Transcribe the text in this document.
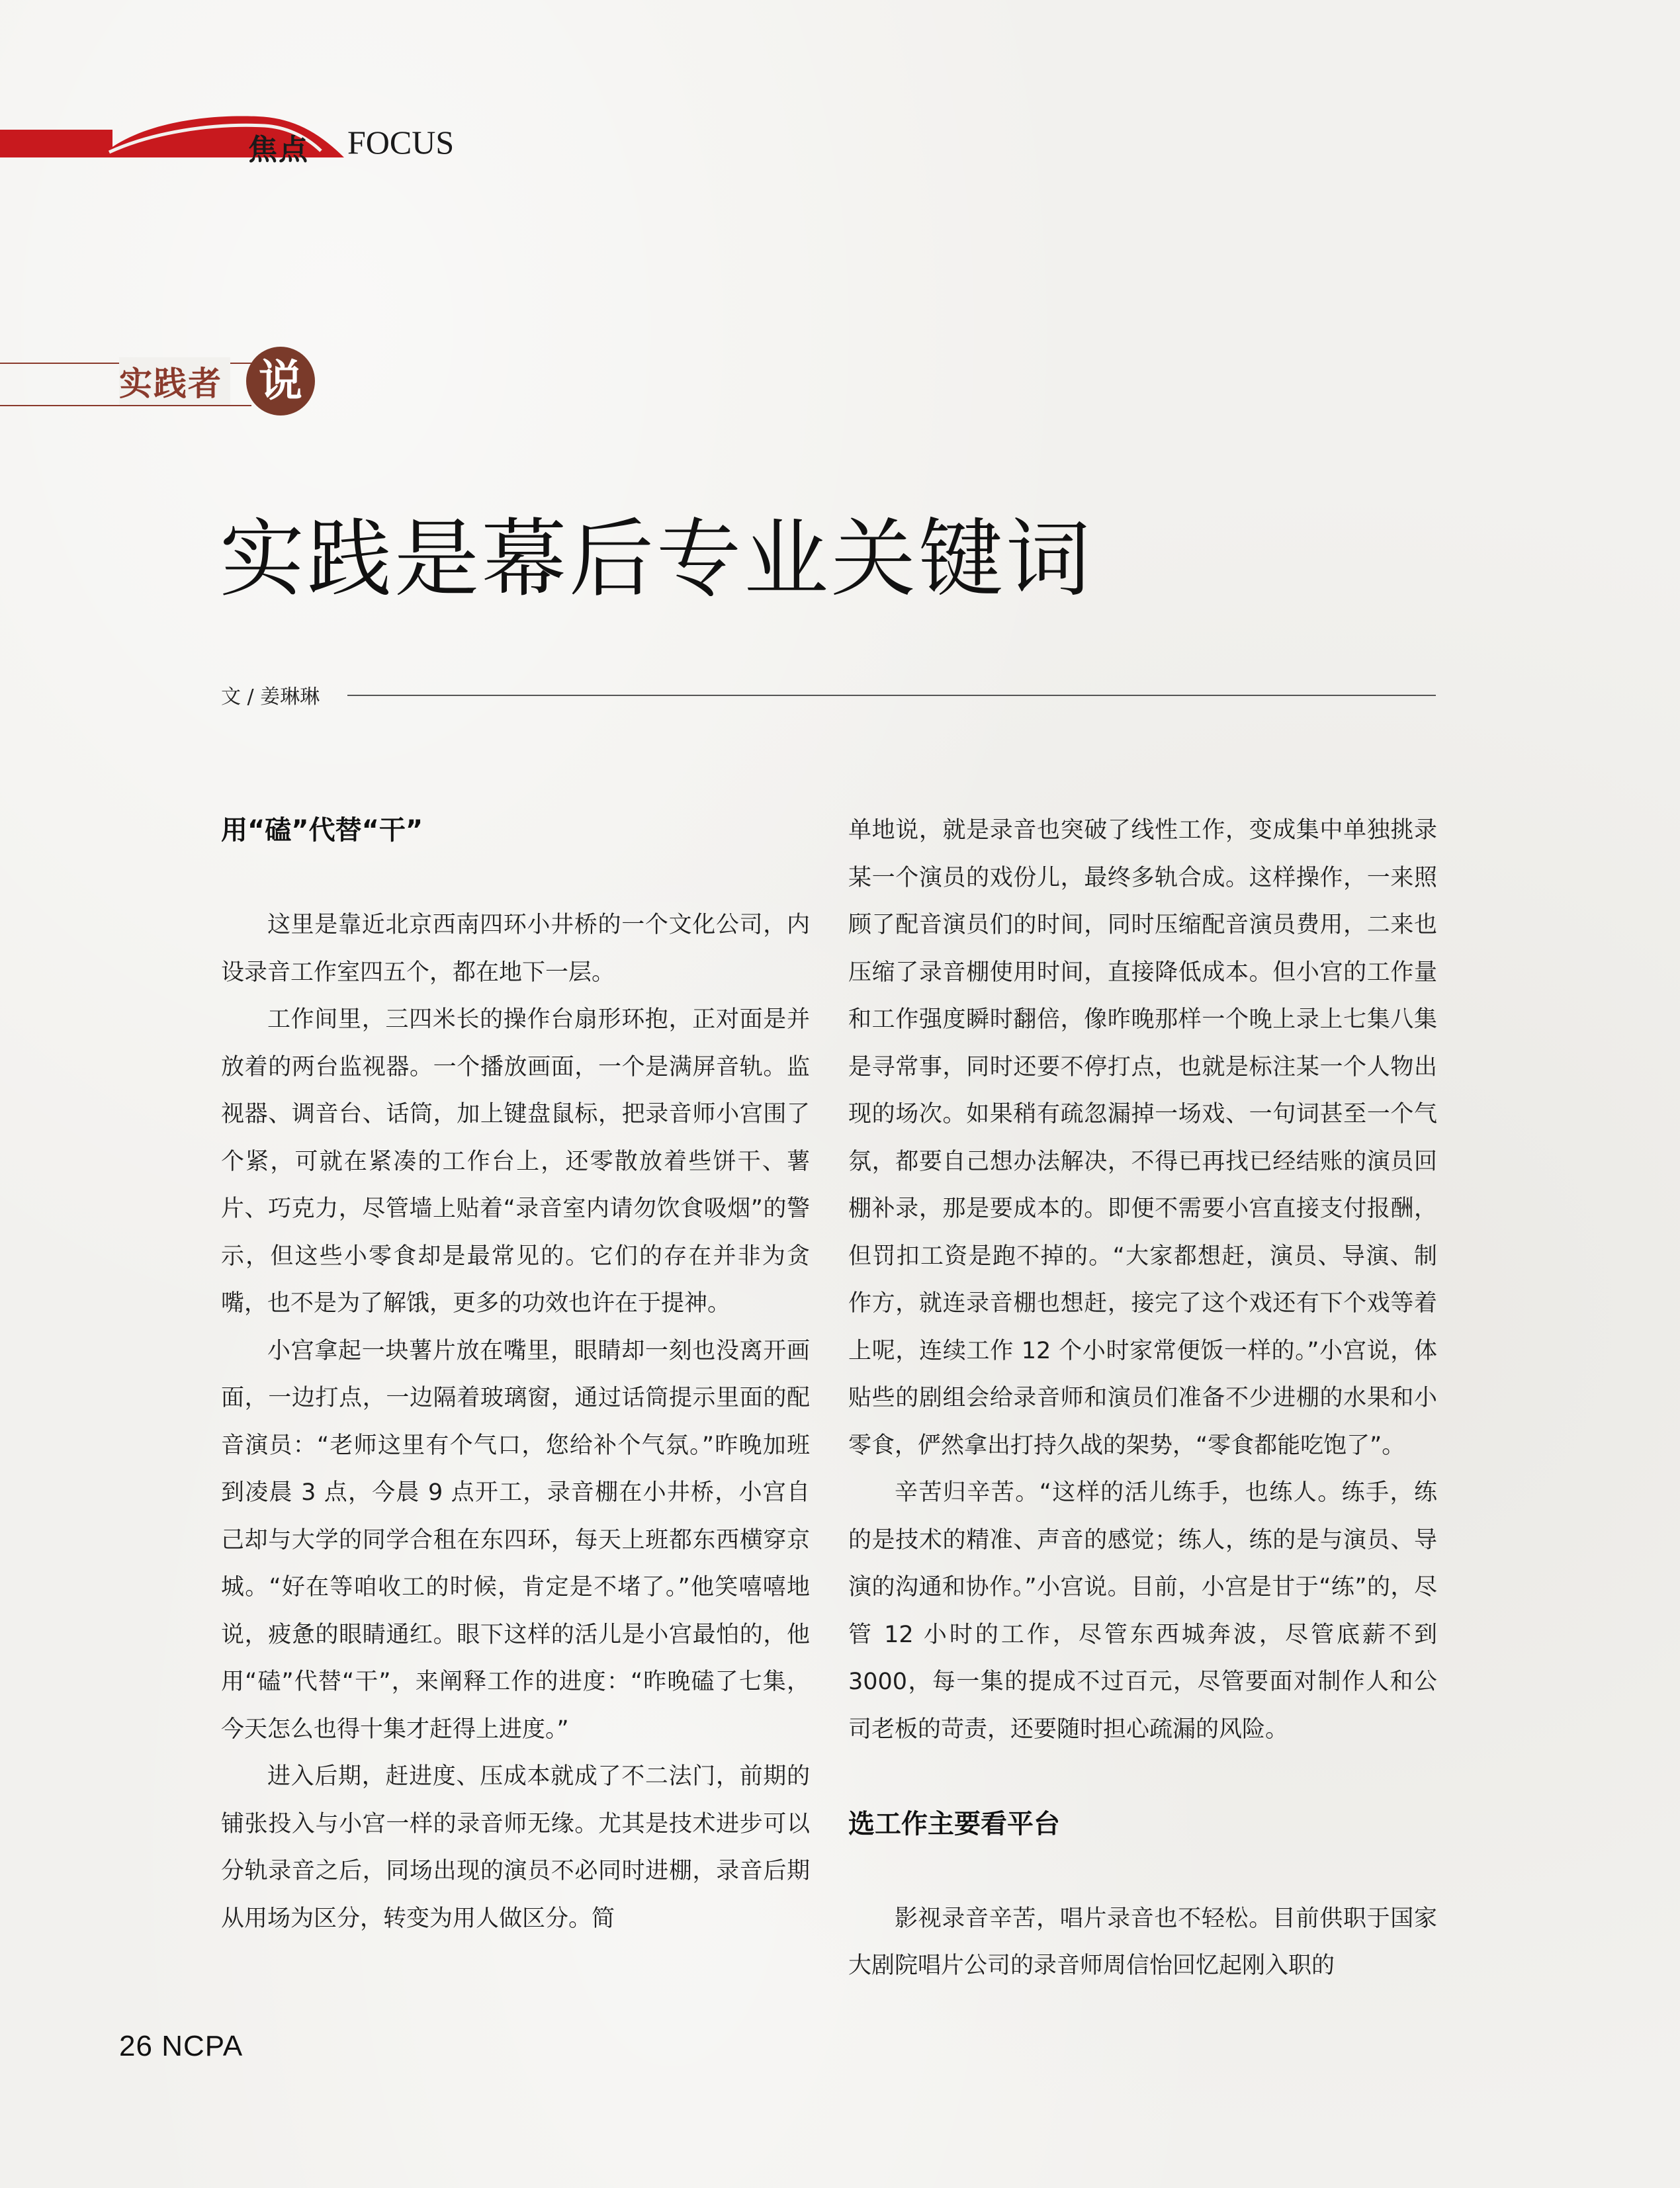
焦点 FOCUS
实践者 说
实践是幕后专业关键词
文 / 姜琳琳
用“磕”代替“干”

这里是靠近北京西南四环小井桥的一个文化公司，内设录音工作室四五个，都在地下一层。

工作间里，三四米长的操作台扇形环抱，正对面是并放着的两台监视器。一个播放画面，一个是满屏音轨。监视器、调音台、话筒，加上键盘鼠标，把录音师小宫围了个紧，可就在紧凑的工作台上，还零散放着些饼干、薯片、巧克力，尽管墙上贴着“录音室内请勿饮食吸烟”的警示，但这些小零食却是最常见的。它们的存在并非为贪嘴，也不是为了解饿，更多的功效也许在于提神。

小宫拿起一块薯片放在嘴里，眼睛却一刻也没离开画面，一边打点，一边隔着玻璃窗，通过话筒提示里面的配音演员：“老师这里有个气口，您给补个气氛。”昨晚加班到凌晨 3 点，今晨 9 点开工，录音棚在小井桥，小宫自己却与大学的同学合租在东四环，每天上班都东西横穿京城。“好在等咱收工的时候，肯定是不堵了。”他笑嘻嘻地说，疲惫的眼睛通红。眼下这样的活儿是小宫最怕的，他用“磕”代替“干”，来阐释工作的进度：“昨晚磕了七集，今天怎么也得十集才赶得上进度。”

进入后期，赶进度、压成本就成了不二法门，前期的铺张投入与小宫一样的录音师无缘。尤其是技术进步可以分轨录音之后，同场出现的演员不必同时进棚，录音后期从用场为区分，转变为用人做区分。简

单地说，就是录音也突破了线性工作，变成集中单独挑录某一个演员的戏份儿，最终多轨合成。这样操作，一来照顾了配音演员们的时间，同时压缩配音演员费用，二来也压缩了录音棚使用时间，直接降低成本。但小宫的工作量和工作强度瞬时翻倍，像昨晚那样一个晚上录上七集八集是寻常事，同时还要不停打点，也就是标注某一个人物出现的场次。如果稍有疏忽漏掉一场戏、一句词甚至一个气氛，都要自己想办法解决，不得已再找已经结账的演员回棚补录，那是要成本的。即便不需要小宫直接支付报酬，但罚扣工资是跑不掉的。“大家都想赶，演员、导演、制作方，就连录音棚也想赶，接完了这个戏还有下个戏等着上呢，连续工作 12 个小时家常便饭一样的。”小宫说，体贴些的剧组会给录音师和演员们准备不少进棚的水果和小零食，俨然拿出打持久战的架势，“零食都能吃饱了”。

辛苦归辛苦。“这样的活儿练手，也练人。练手，练的是技术的精准、声音的感觉；练人，练的是与演员、导演的沟通和协作。”小宫说。目前，小宫是甘于“练”的，尽管 12 小时的工作，尽管东西城奔波，尽管底薪不到 3000，每一集的提成不过百元，尽管要面对制作人和公司老板的苛责，还要随时担心疏漏的风险。

选工作主要看平台

影视录音辛苦，唱片录音也不轻松。目前供职于国家大剧院唱片公司的录音师周信怡回忆起刚入职的

26 NCPA
